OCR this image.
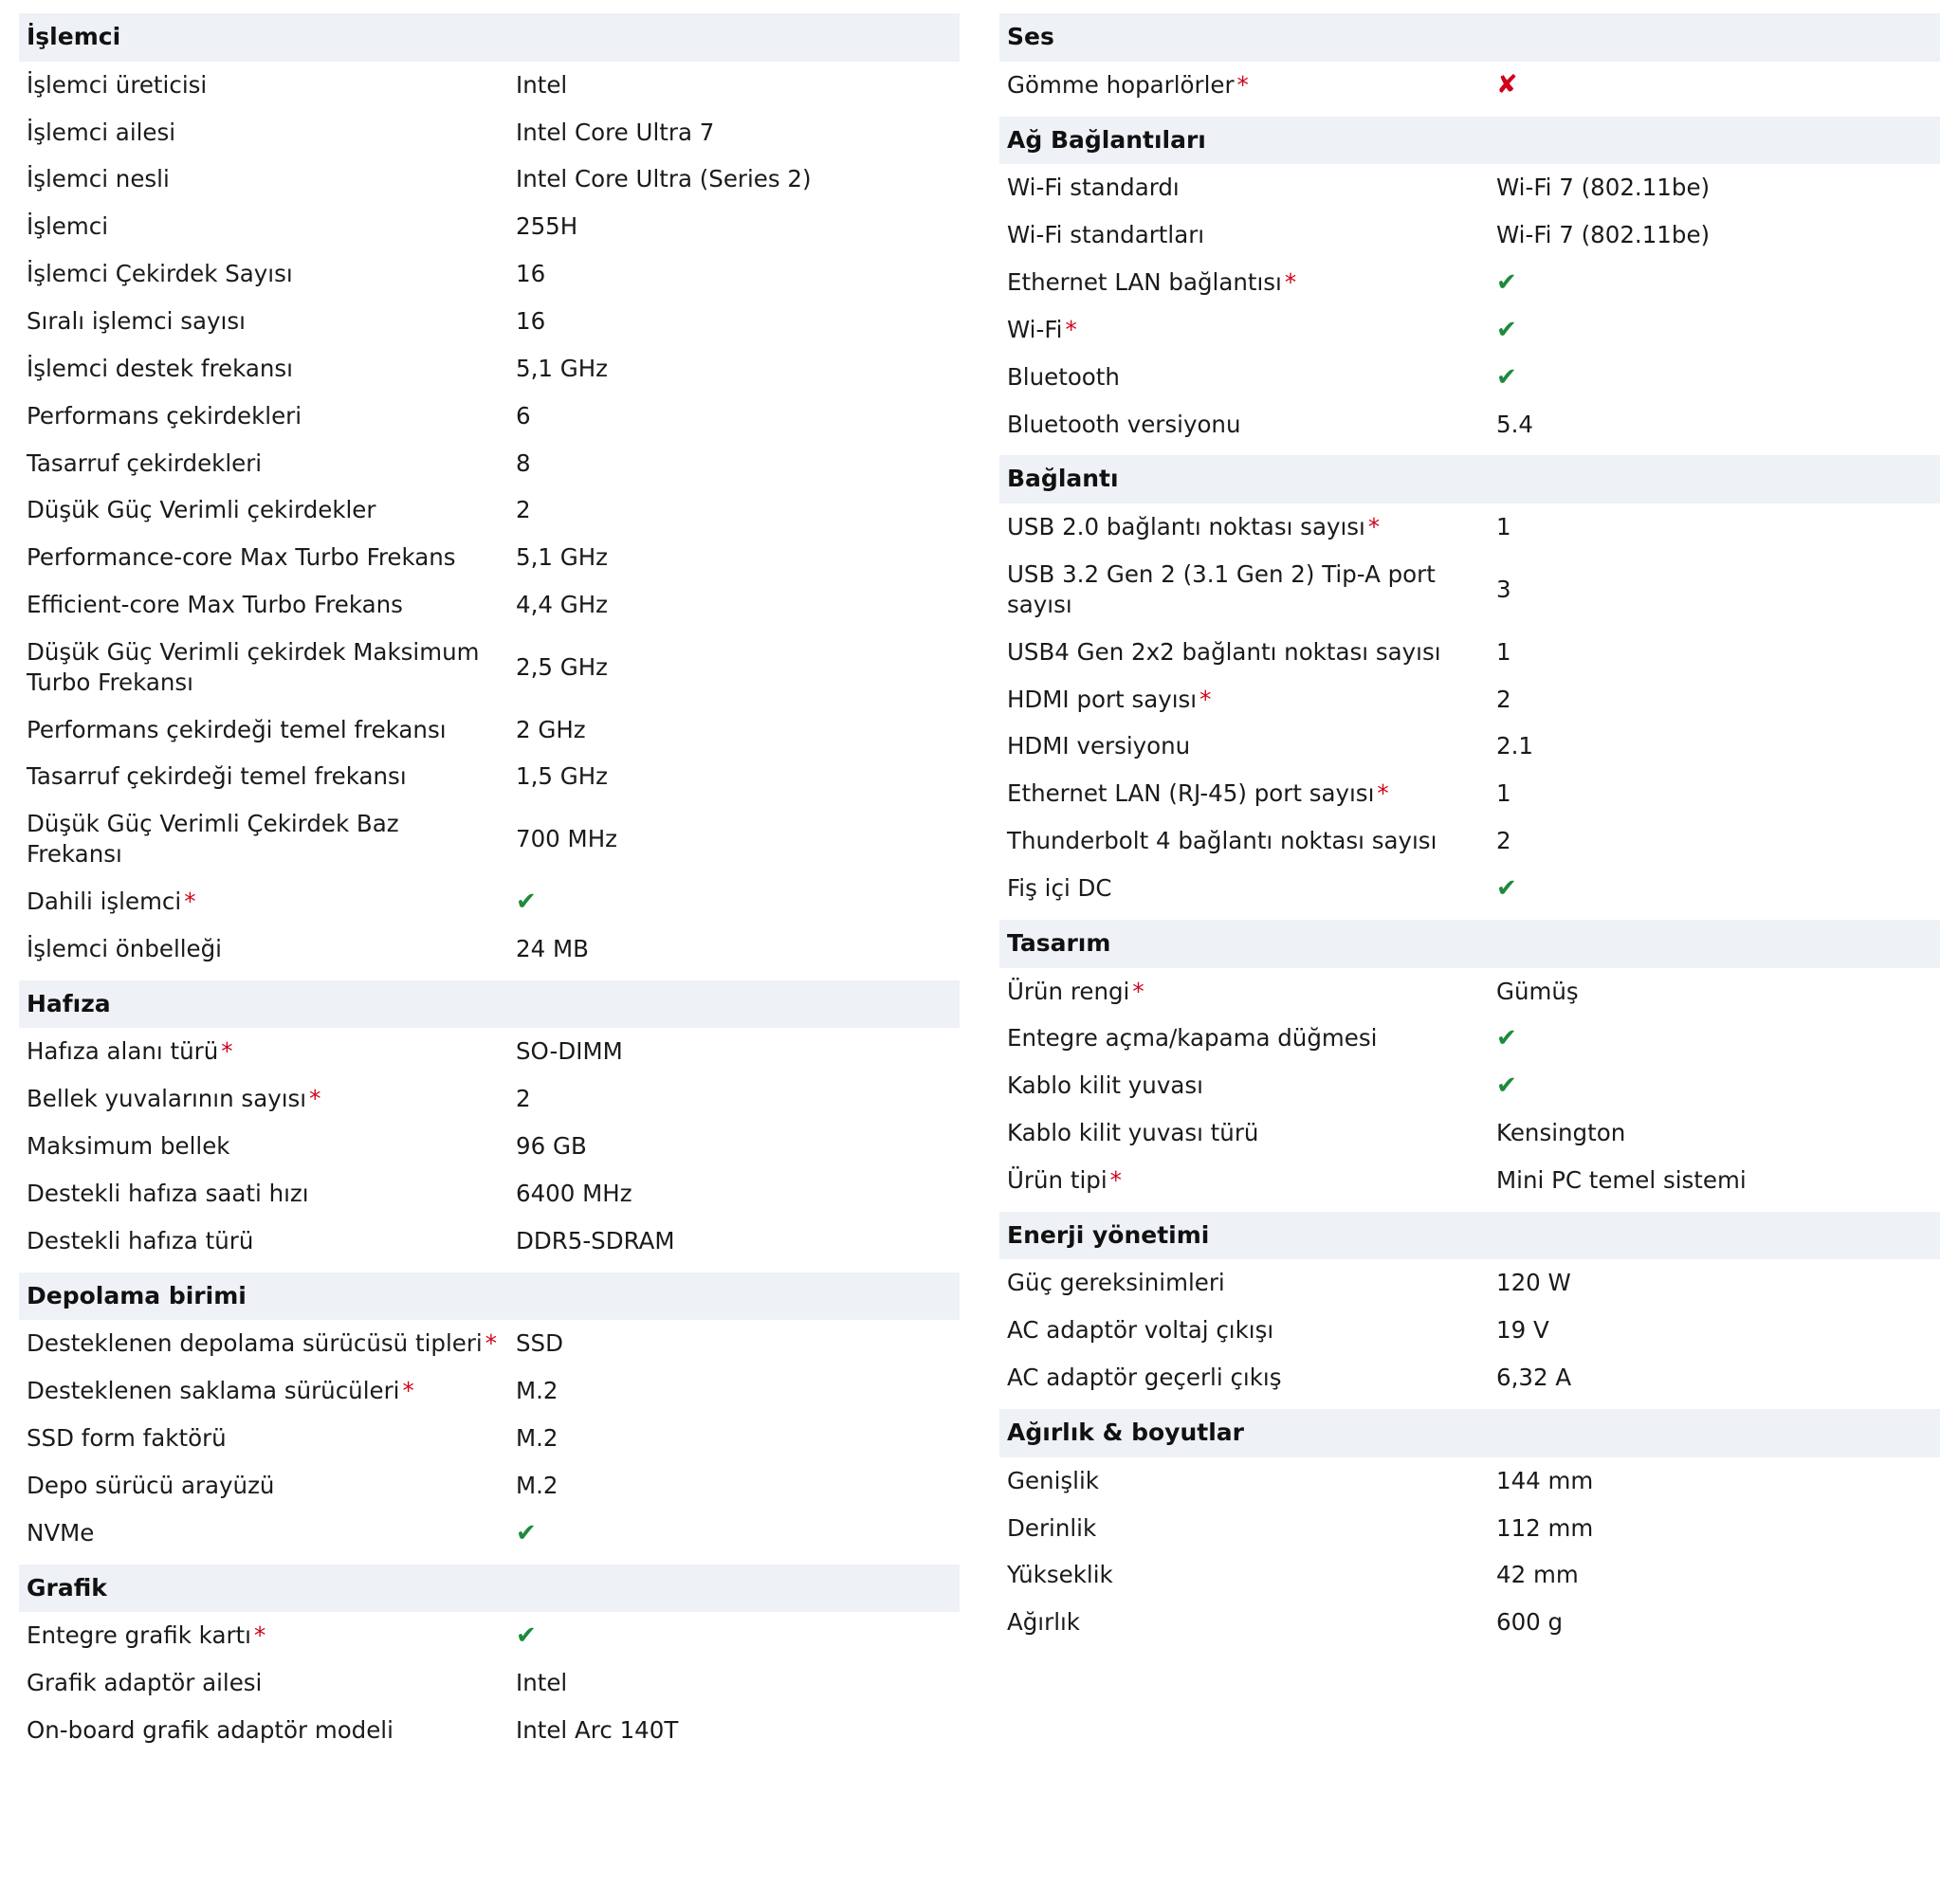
İşlemci
İşlemci üreticisi	Intel
İşlemci ailesi	Intel Core Ultra 7
İşlemci nesli	Intel Core Ultra (Series 2)
İşlemci	255H
İşlemci Çekirdek Sayısı	16
Sıralı işlemci sayısı	16
İşlemci destek frekansı	5,1 GHz
Performans çekirdekleri	6
Tasarruf çekirdekleri	8
Düşük Güç Verimli çekirdekler	2
Performance-core Max Turbo Frekans	5,1 GHz
Efficient-core Max Turbo Frekans	4,4 GHz
Düşük Güç Verimli çekirdek Maksimum Turbo Frekansı	2,5 GHz
Performans çekirdeği temel frekansı	2 GHz
Tasarruf çekirdeği temel frekansı	1,5 GHz
Düşük Güç Verimli Çekirdek Baz Frekansı	700 MHz
Dahili işlemci *	✔
İşlemci önbelleği	24 MB
Hafıza
Hafıza alanı türü *	SO-DIMM
Bellek yuvalarının sayısı *	2
Maksimum bellek	96 GB
Destekli hafıza saati hızı	6400 MHz
Destekli hafıza türü	DDR5-SDRAM
Depolama birimi
Desteklenen depolama sürücüsü tipleri *	SSD
Desteklenen saklama sürücüleri *	M.2
SSD form faktörü	M.2
Depo sürücü arayüzü	M.2
NVMe	✔
Grafik
Entegre grafik kartı *	✔
Grafik adaptör ailesi	Intel
On-board grafik adaptör modeli	Intel Arc 140T
Ses
Gömme hoparlörler *	✘
Ağ Bağlantıları
Wi-Fi standardı	Wi-Fi 7 (802.11be)
Wi-Fi standartları	Wi-Fi 7 (802.11be)
Ethernet LAN bağlantısı *	✔
Wi-Fi *	✔
Bluetooth	✔
Bluetooth versiyonu	5.4
Bağlantı
USB 2.0 bağlantı noktası sayısı *	1
USB 3.2 Gen 2 (3.1 Gen 2) Tip-A port sayısı	3
USB4 Gen 2x2 bağlantı noktası sayısı	1
HDMI port sayısı *	2
HDMI versiyonu	2.1
Ethernet LAN (RJ-45) port sayısı *	1
Thunderbolt 4 bağlantı noktası sayısı	2
Fiş içi DC	✔
Tasarım
Ürün rengi *	Gümüş
Entegre açma/kapama düğmesi	✔
Kablo kilit yuvası	✔
Kablo kilit yuvası türü	Kensington
Ürün tipi *	Mini PC temel sistemi
Enerji yönetimi
Güç gereksinimleri	120 W
AC adaptör voltaj çıkışı	19 V
AC adaptör geçerli çıkış	6,32 A
Ağırlık & boyutlar
Genişlik	144 mm
Derinlik	112 mm
Yükseklik	42 mm
Ağırlık	600 g
